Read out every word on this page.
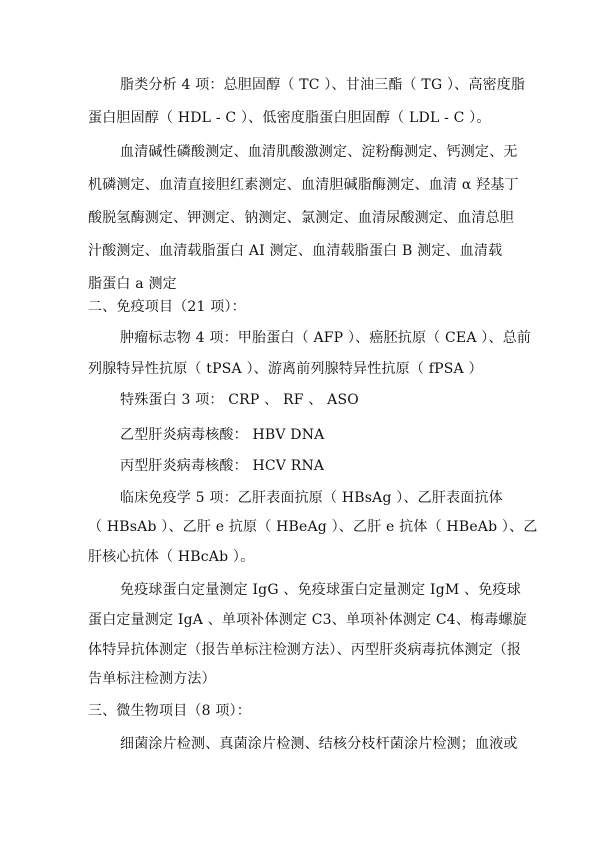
脂类分析 4 项：总胆固醇（ TC ）、甘油三酯（ TG ）、高密度脂
蛋白胆固醇（ HDL - C ）、低密度脂蛋白胆固醇（ LDL - C ）。
血清碱性磷酸测定、血清肌酸激测定、淀粉酶测定、钙测定、无
机磷测定、血清直接胆红素测定、血清胆碱脂酶测定、血清 α 羟基丁
酸脱氢酶测定、钾测定、钠测定、氯测定、血清尿酸测定、血清总胆
汁酸测定、血清载脂蛋白 AI 测定、血清载脂蛋白 B 测定、血清载
脂蛋白 a 测定
二、免疫项目（21 项）：
肿瘤标志物 4 项：甲胎蛋白（ AFP ）、癌胚抗原（ CEA ）、总前
列腺特异性抗原（ tPSA ）、游离前列腺特异性抗原（ fPSA ）
特殊蛋白 3 项： CRP 、 RF 、 ASO
乙型肝炎病毒核酸： HBV DNA
丙型肝炎病毒核酸： HCV RNA
临床免疫学 5 项：乙肝表面抗原（ HBsAg ）、乙肝表面抗体
（ HBsAb ）、乙肝 e 抗原（ HBeAg ）、乙肝 e 抗体（ HBeAb ）、乙
肝核心抗体（ HBcAb ）。
免疫球蛋白定量测定 IgG 、免疫球蛋白定量测定 IgM 、免疫球
蛋白定量测定 IgA 、单项补体测定 C3、单项补体测定 C4、梅毒螺旋
体特异抗体测定（报告单标注检测方法）、丙型肝炎病毒抗体测定（报
告单标注检测方法）
三、微生物项目（8 项）：
细菌涂片检测、真菌涂片检测、结核分枝杆菌涂片检测；血液或
